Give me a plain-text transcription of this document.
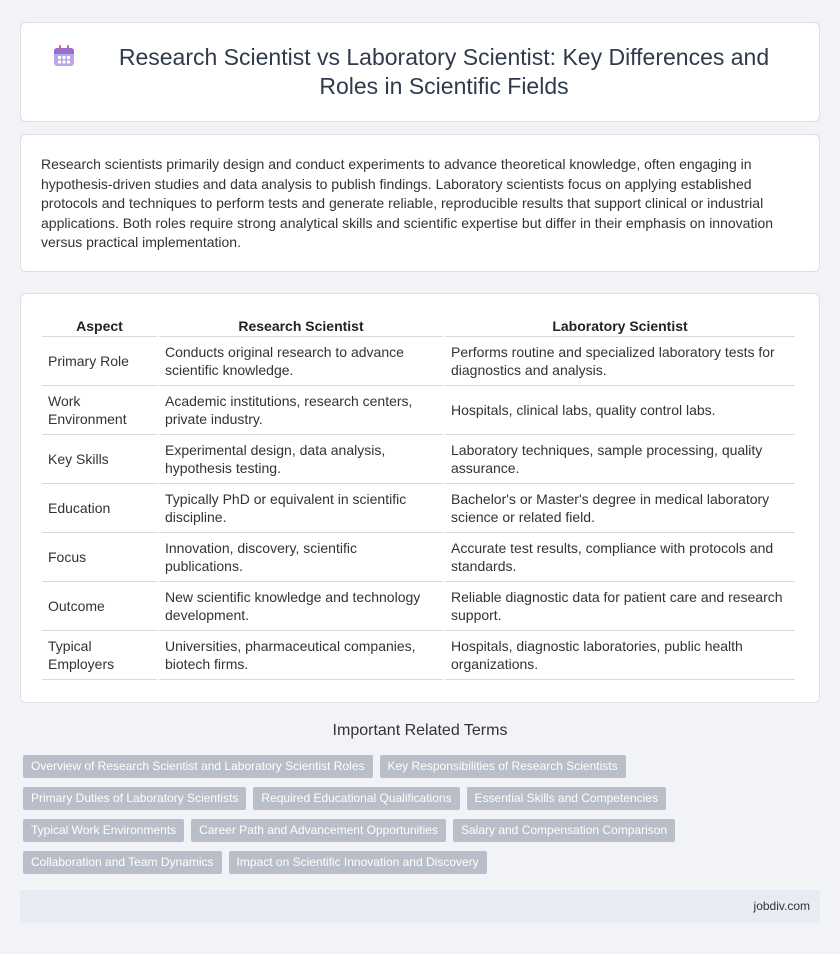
Research Scientist vs Laboratory Scientist: Key Differences and Roles in Scientific Fields

Research scientists primarily design and conduct experiments to advance theoretical knowledge, often engaging in hypothesis-driven studies and data analysis to publish findings. Laboratory scientists focus on applying established protocols and techniques to perform tests and generate reliable, reproducible results that support clinical or industrial applications. Both roles require strong analytical skills and scientific expertise but differ in their emphasis on innovation versus practical implementation.

Aspect	Research Scientist	Laboratory Scientist
Primary Role	Conducts original research to advance scientific knowledge.	Performs routine and specialized laboratory tests for diagnostics and analysis.
Work Environment	Academic institutions, research centers, private industry.	Hospitals, clinical labs, quality control labs.
Key Skills	Experimental design, data analysis, hypothesis testing.	Laboratory techniques, sample processing, quality assurance.
Education	Typically PhD or equivalent in scientific discipline.	Bachelor's or Master's degree in medical laboratory science or related field.
Focus	Innovation, discovery, scientific publications.	Accurate test results, compliance with protocols and standards.
Outcome	New scientific knowledge and technology development.	Reliable diagnostic data for patient care and research support.
Typical Employers	Universities, pharmaceutical companies, biotech firms.	Hospitals, diagnostic laboratories, public health organizations.
Important Related Terms
Overview of Research Scientist and Laboratory Scientist Roles	Key Responsibilities of Research Scientists
Primary Duties of Laboratory Scientists	Required Educational Qualifications	Essential Skills and Competencies
Typical Work Environments	Career Path and Advancement Opportunities	Salary and Compensation Comparison
Collaboration and Team Dynamics	Impact on Scientific Innovation and Discovery
jobdiv.com
